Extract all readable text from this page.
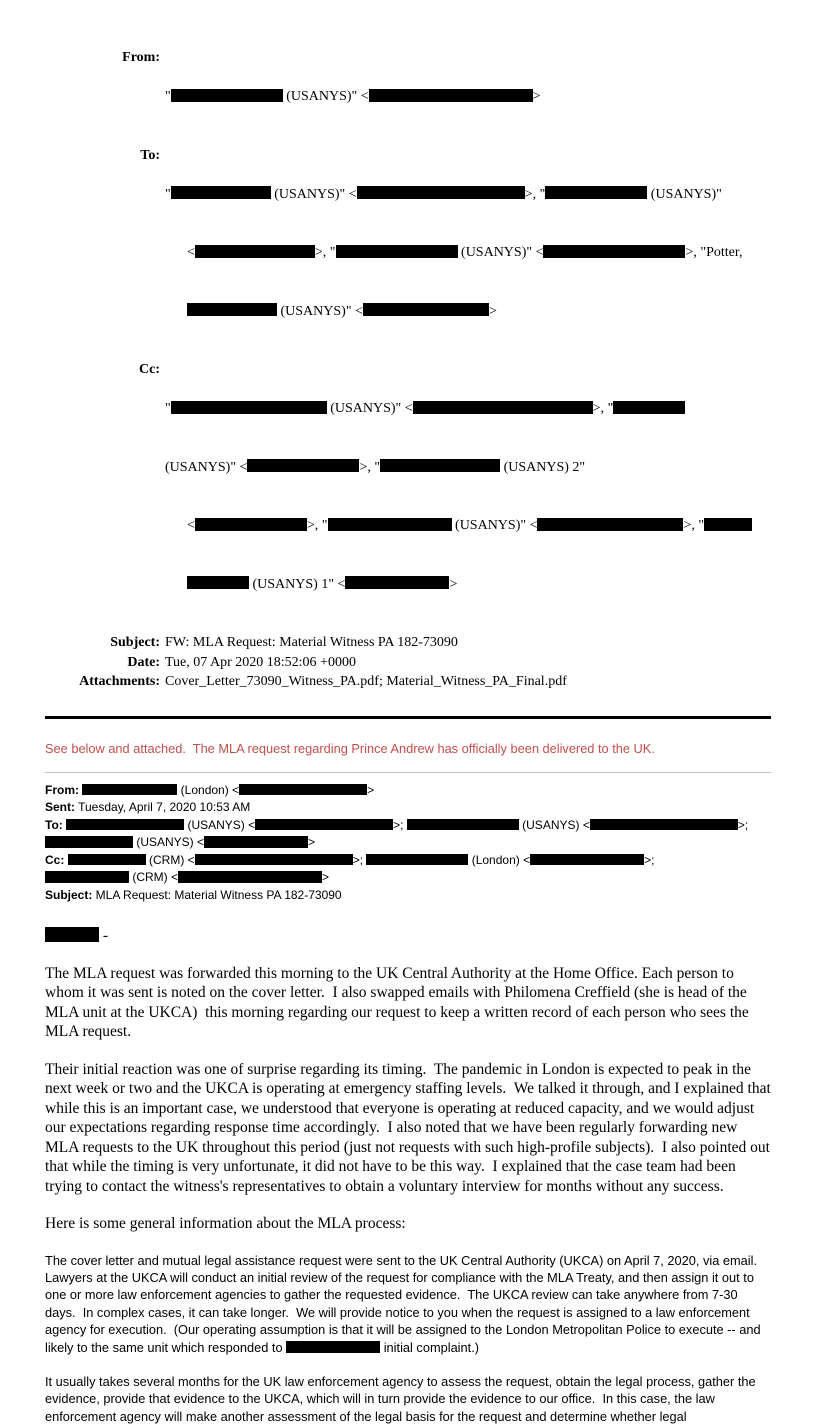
From:

"	(USANYS)" <	>

To:

"	(USANYS)" <	>, "	(USANYS)"

<	>, "	(USANYS)" <	>, "Potter,

(USANYS)" <	>

Cc:

"	(USANYS)" <	>, "

(USANYS)" <	>, "	(USANYS) 2"

<	>, "	(USANYS)" <	>, "

(USANYS) 1" <	>

Subject: FW: MLA Request: Material Witness PA 182-73090
Date: Tue, 07 Apr 2020 18:52:06 +0000
Attachments: Cover_Letter_73090_Witness_PA.pdf; Material_Witness_PA_Final.pdf
See below and attached.  The MLA request regarding Prince Andrew has officially been delivered to the UK.
From:	(London) <	>
Sent: Tuesday, April 7, 2020 10:53 AM
To:	(USANYS) <	>;	(USANYS) <	>;
(USANYS) <	>
Cc:	(CRM) <	>;	(London) <	>;
(CRM) <	>
Subject: MLA Request: Material Witness PA 182-73090
-

The MLA request was forwarded this morning to the UK Central Authority at the Home Office. Each person to whom it was sent is noted on the cover letter.  I also swapped emails with Philomena Creffield (she is head of the MLA unit at the UKCA)  this morning regarding our request to keep a written record of each person who sees the MLA request.

Their initial reaction was one of surprise regarding its timing.  The pandemic in London is expected to peak in the next week or two and the UKCA is operating at emergency staffing levels.  We talked it through, and I explained that while this is an important case, we understood that everyone is operating at reduced capacity, and we would adjust our expectations regarding response time accordingly.  I also noted that we have been regularly forwarding new MLA requests to the UK throughout this period (just not requests with such high-profile subjects).  I also pointed out that while the timing is very unfortunate, it did not have to be this way.  I explained that the case team had been trying to contact the witness's representatives to obtain a voluntary interview for months without any success.

Here is some general information about the MLA process:

The cover letter and mutual legal assistance request were sent to the UK Central Authority (UKCA) on April 7, 2020, via email.  Lawyers at the UKCA will conduct an initial review of the request for compliance with the MLA Treaty, and then assign it out to one or more law enforcement agencies to gather the requested evidence.  The UKCA review can take anywhere from 7-30 days.  In complex cases, it can take longer.  We will provide notice to you when the request is assigned to a law enforcement agency for execution.  (Our operating assumption is that it will be assigned to the London Metropolitan Police to execute -- and likely to the same unit which responded to	initial complaint.)

It usually takes several months for the UK law enforcement agency to assess the request, obtain the legal process, gather the evidence, provide that evidence to the UKCA, which will in turn provide the evidence to our office.  In this case, the law enforcement agency will make another assessment of the legal basis for the request and determine whether legal
